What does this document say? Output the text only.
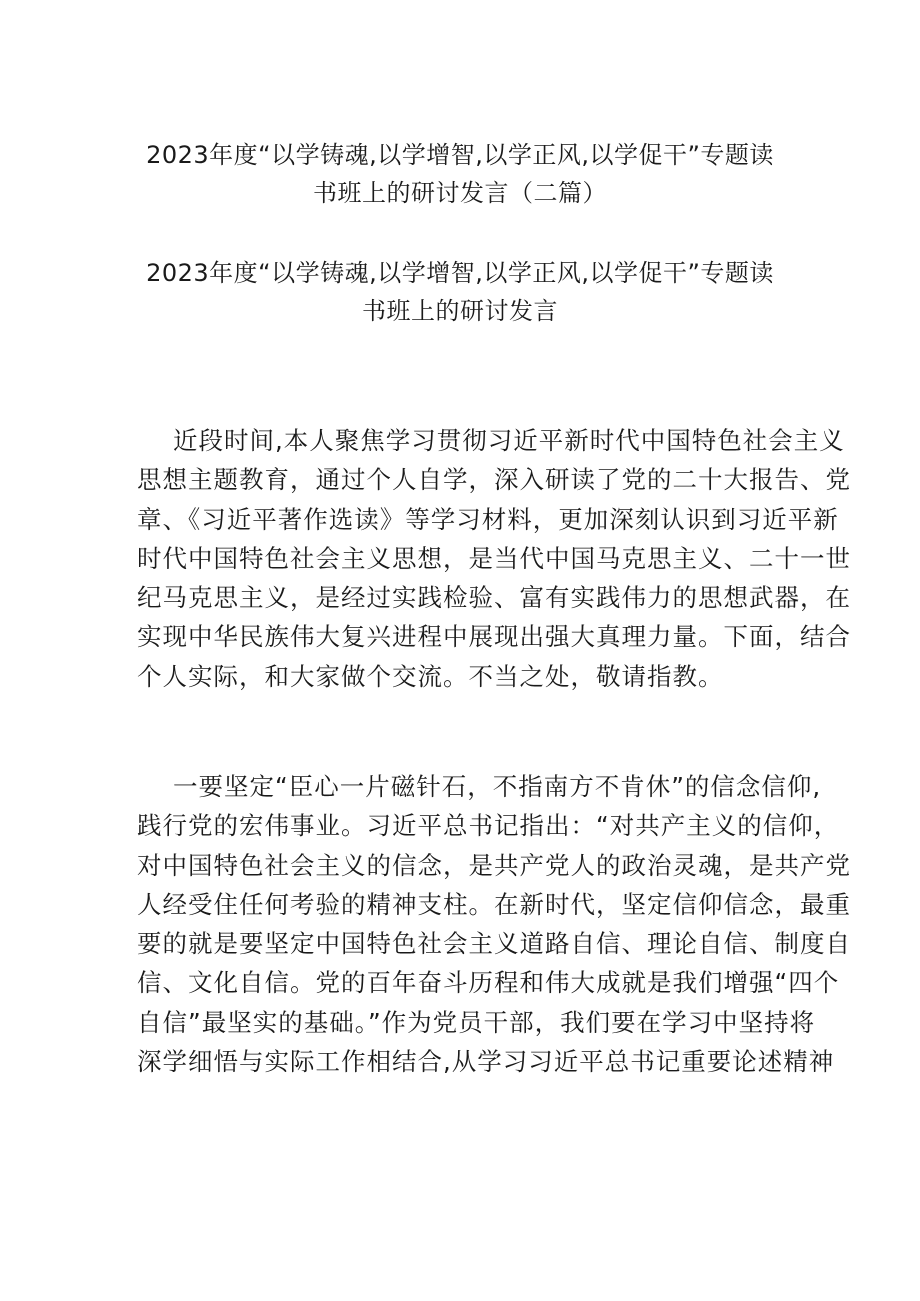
2023年度“以学铸魂,以学增智,以学正风,以学促干”专题读
书班上的研讨发言（二篇）
2023年度“以学铸魂,以学增智,以学正风,以学促干”专题读
书班上的研讨发言
近段时间,本人聚焦学习贯彻习近平新时代中国特色社会主义
思想主题教育，通过个人自学，深入研读了党的二十大报告、党
章、《习近平著作选读》等学习材料，更加深刻认识到习近平新
时代中国特色社会主义思想，是当代中国马克思主义、二十一世
纪马克思主义，是经过实践检验、富有实践伟力的思想武器，在
实现中华民族伟大复兴进程中展现出强大真理力量。下面，结合
个人实际，和大家做个交流。不当之处，敬请指教。
一要坚定“臣心一片磁针石，不指南方不肯休”的信念信仰,
践行党的宏伟事业。习近平总书记指出：“对共产主义的信仰，
对中国特色社会主义的信念，是共产党人的政治灵魂，是共产党
人经受住任何考验的精神支柱。在新时代，坚定信仰信念，最重
要的就是要坚定中国特色社会主义道路自信、理论自信、制度自
信、文化自信。党的百年奋斗历程和伟大成就是我们增强“四个
自信”最坚实的基础。”作为党员干部，我们要在学习中坚持将
深学细悟与实际工作相结合,从学习习近平总书记重要论述精神
